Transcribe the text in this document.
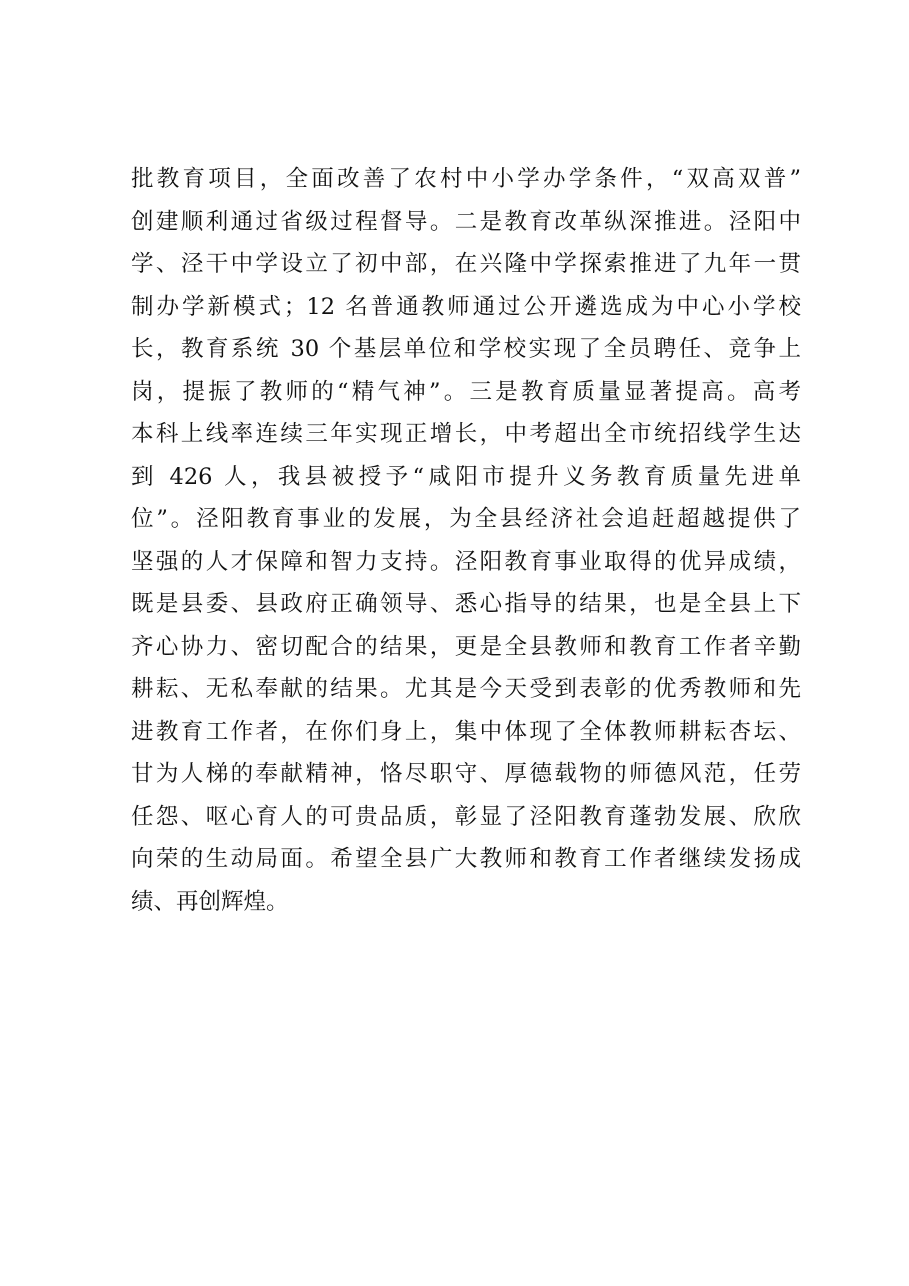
批教育项目，全面改善了农村中小学办学条件，“双高双普”
创建顺利通过省级过程督导。二是教育改革纵深推进。泾阳中
学、泾干中学设立了初中部，在兴隆中学探索推进了九年一贯
制办学新模式；12 名普通教师通过公开遴选成为中心小学校
长，教育系统 30 个基层单位和学校实现了全员聘任、竞争上
岗，提振了教师的“精气神”。三是教育质量显著提高。高考
本科上线率连续三年实现正增长，中考超出全市统招线学生达
到 426 人，我县被授予“咸阳市提升义务教育质量先进单
位”。泾阳教育事业的发展，为全县经济社会追赶超越提供了
坚强的人才保障和智力支持。泾阳教育事业取得的优异成绩，
既是县委、县政府正确领导、悉心指导的结果，也是全县上下
齐心协力、密切配合的结果，更是全县教师和教育工作者辛勤
耕耘、无私奉献的结果。尤其是今天受到表彰的优秀教师和先
进教育工作者，在你们身上，集中体现了全体教师耕耘杏坛、
甘为人梯的奉献精神，恪尽职守、厚德载物的师德风范，任劳
任怨、呕心育人的可贵品质，彰显了泾阳教育蓬勃发展、欣欣
向荣的生动局面。希望全县广大教师和教育工作者继续发扬成
绩、再创辉煌。
